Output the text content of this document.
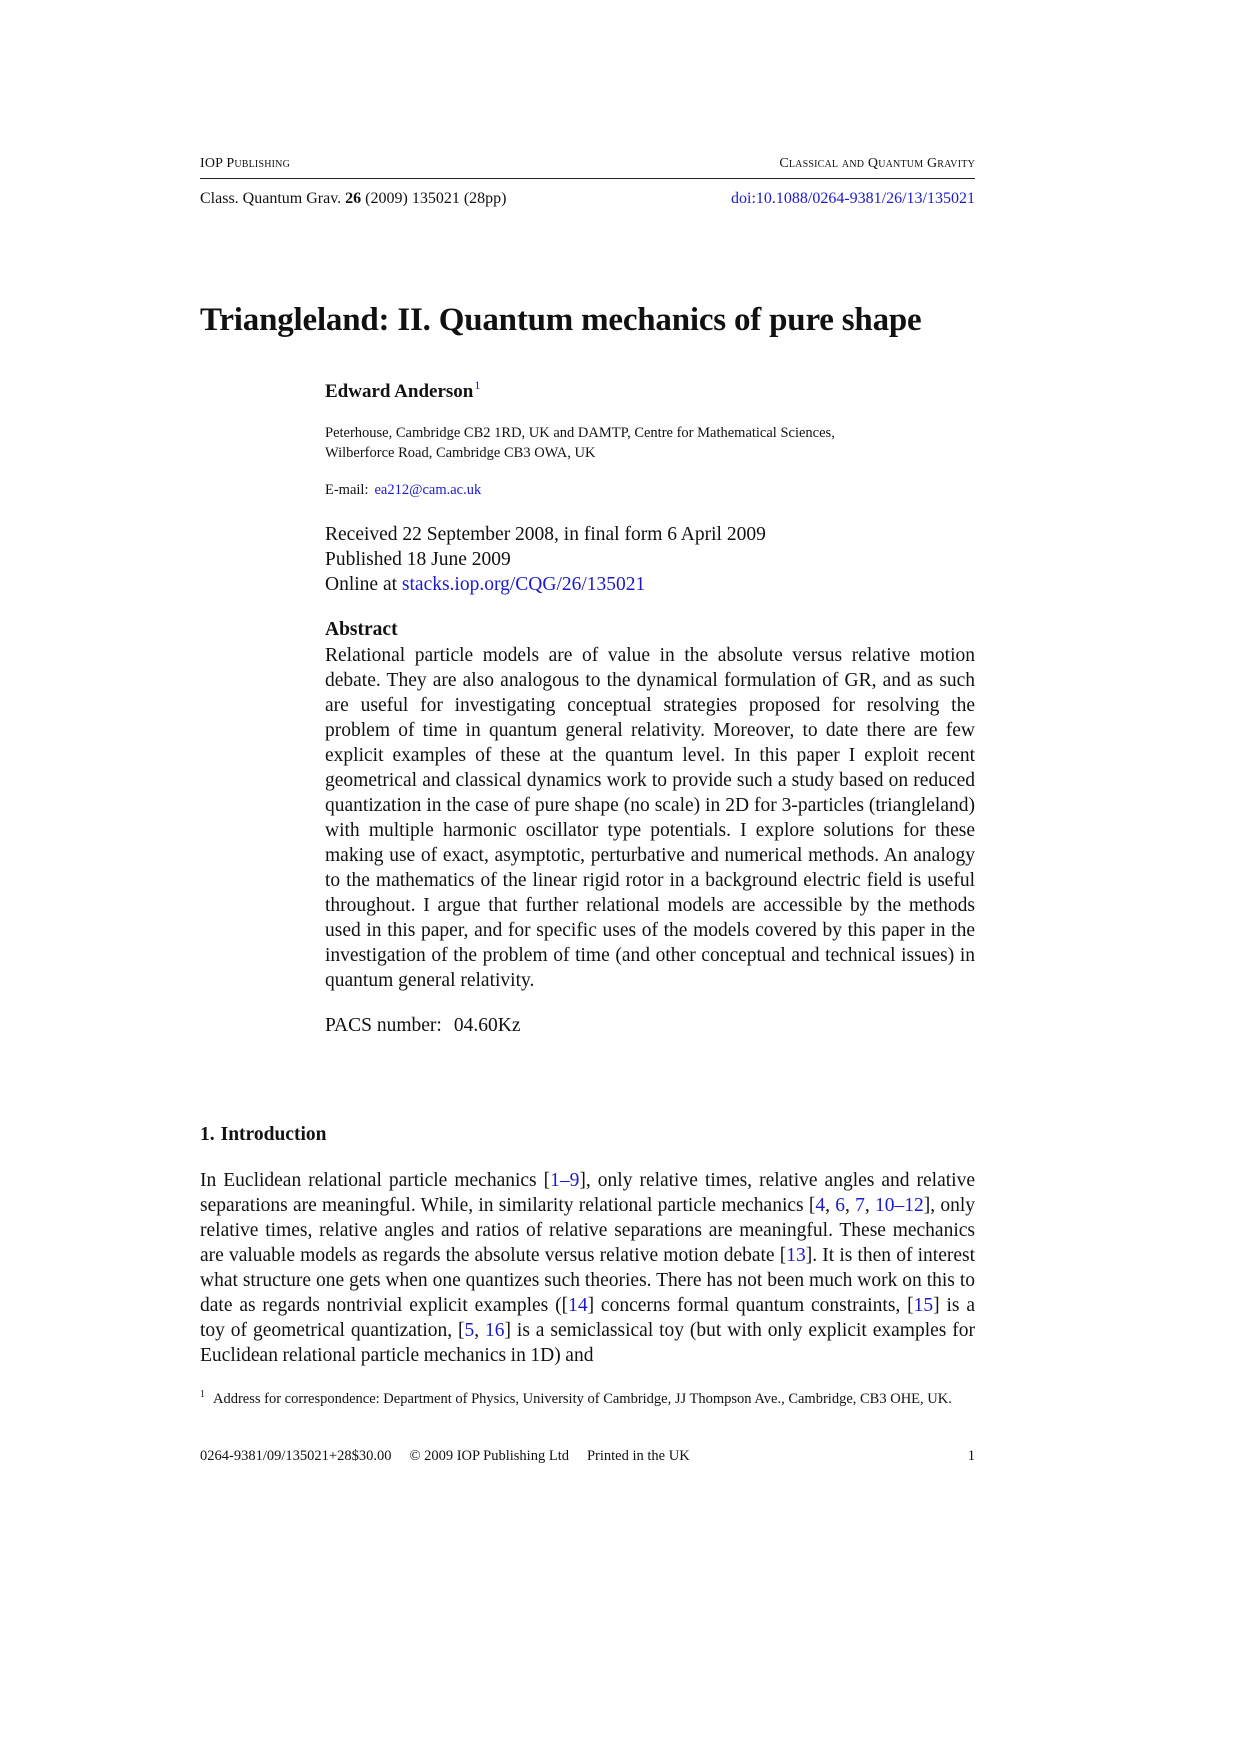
IOP Publishing	Classical and Quantum Gravity
Class. Quantum Grav. 26 (2009) 135021 (28pp)	doi:10.1088/0264-9381/26/13/135021
Triangleland: II. Quantum mechanics of pure shape
Edward Anderson$^1$
Peterhouse, Cambridge CB2 1RD, UK and DAMTP, Centre for Mathematical Sciences,
Wilberforce Road, Cambridge CB3 OWA, UK
E-mail: ea212@cam.ac.uk
Received 22 September 2008, in final form 6 April 2009
Published 18 June 2009
Online at stacks.iop.org/CQG/26/135021
Abstract

Relational particle models are of value in the absolute versus relative motion debate. They are also analogous to the dynamical formulation of GR, and as such are useful for investigating conceptual strategies proposed for resolving the problem of time in quantum general relativity. Moreover, to date there are few explicit examples of these at the quantum level. In this paper I exploit recent geometrical and classical dynamics work to provide such a study based on reduced quantization in the case of pure shape (no scale) in 2D for 3-particles (triangleland) with multiple harmonic oscillator type potentials. I explore solutions for these making use of exact, asymptotic, perturbative and numerical methods. An analogy to the mathematics of the linear rigid rotor in a background electric field is useful throughout. I argue that further relational models are accessible by the methods used in this paper, and for specific uses of the models covered by this paper in the investigation of the problem of time (and other conceptual and technical issues) in quantum general relativity.

PACS number: 04.60Kz
1. Introduction

In Euclidean relational particle mechanics [1–9], only relative times, relative angles and relative separations are meaningful. While, in similarity relational particle mechanics [4, 6, 7, 10–12], only relative times, relative angles and ratios of relative separations are meaningful. These mechanics are valuable models as regards the absolute versus relative motion debate [13]. It is then of interest what structure one gets when one quantizes such theories. There has not been much work on this to date as regards nontrivial explicit examples ([14] concerns formal quantum constraints, [15] is a toy of geometrical quantization, [5, 16] is a semiclassical toy (but with only explicit examples for Euclidean relational particle mechanics in 1D) and

$^1$ Address for correspondence: Department of Physics, University of Cambridge, JJ Thompson Ave., Cambridge, CB3 OHE, UK.
0264-9381/09/135021+28$30.00 © 2009 IOP Publishing Ltd Printed in the UK	1
